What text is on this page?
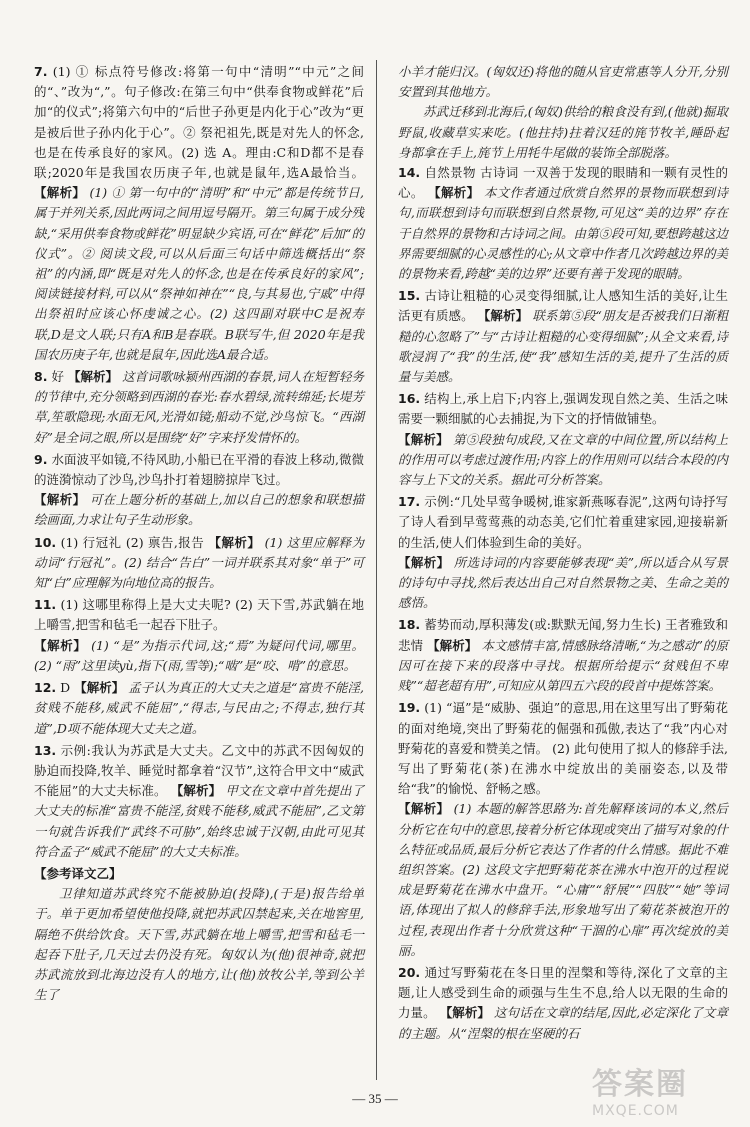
7. (1) ① 标点符号修改:将第一句中“清明”“中元”之间的“、”改为“,”。句子修改:在第三句中“供奉食物或鲜花”后加“的仪式”;将第六句中的“后世子孙更是内化于心”改为“更是被后世子孙内化于心”。② 祭祀祖先,既是对先人的怀念,也是在传承良好的家风。(2) 选 A。理由:C和D都不是春联;2020年是我国农历庚子年,也就是鼠年,选A最恰当。 【解析】 (1) ① 第一句中的“清明”和“中元”都是传统节日,属于并列关系,因此两词之间用逗号隔开。第三句属于成分残缺,“采用供奉食物或鲜花”明显缺少宾语,可在“鲜花”后加“的仪式”。② 阅读文段,可以从后面三句话中筛选概括出“祭祖”的内涵,即“既是对先人的怀念,也是在传承良好的家风”;阅读链接材料,可以从“祭神如神在”“良,与其易也,宁戚”中得出祭祖时应该心怀虔诚之心。(2) 这四副对联中C是祝寿联,D是文人联;只有A和B是春联。B联写牛,但 2020年是我国农历庚子年,也就是鼠年,因此选A最合适。
8. 好 【解析】 这首词歌咏颍州西湖的春景,词人在短暂轻务的节律中,充分领略到西湖的春光:春水碧绿,流转绵延;长堤芳草,笙歌隐现;水面无风,光滑如镜;船动不觉,沙鸟惊飞。“西湖好”是全词之眼,所以是围绕“好”字来抒发情怀的。
9. 水面波平如镜,不待风助,小船已在平滑的春波上移动,微微的涟漪惊动了沙鸟,沙鸟扑打着翅膀掠岸飞过。
【解析】 可在上题分析的基础上,加以自己的想象和联想描绘画面,力求让句子生动形象。
10. (1) 行冠礼 (2) 禀告,报告 【解析】 (1) 这里应解释为动词“行冠礼”。(2) 结合“告白”一词并联系其对象“单于”可知“白”应理解为向地位高的报告。
11. (1) 这哪里称得上是大丈夫呢? (2) 天下雪,苏武躺在地上嚼雪,把雪和毡毛一起吞下肚子。
【解析】 (1) “是”为指示代词,这;“焉”为疑问代词,哪里。(2) “雨”这里读yù,指下(雨,雪等);“啮”是“咬、啃”的意思。
12. D 【解析】 孟子认为真正的大丈夫之道是“富贵不能淫,贫贱不能移,威武不能屈”,“得志,与民由之;不得志,独行其道”,D项不能体现大丈夫之道。
13. 示例:我认为苏武是大丈夫。乙文中的苏武不因匈奴的胁迫而投降,牧羊、睡觉时都拿着“汉节”,这符合甲文中“威武不能屈”的大丈夫标准。 【解析】 甲文在文章中首先提出了大丈夫的标准“富贵不能淫,贫贱不能移,威武不能屈”,乙文第一句就告诉我们“武终不可胁”,始终忠诚于汉朝,由此可见其符合孟子“威武不能屈”的大丈夫标准。
【参考译文乙】
卫律知道苏武终究不能被胁迫(投降),(于是)报告给单于。单于更加希望使他投降,就把苏武囚禁起来,关在地窖里,隔绝不供给饮食。天下雪,苏武躺在地上嚼雪,把雪和毡毛一起吞下肚子,几天过去仍没有死。匈奴认为(他)很神奇,就把苏武流放到北海边没有人的地方,让(他)放牧公羊,等到公羊生了
小羊才能归汉。(匈奴还)将他的随从官吏常惠等人分开,分别安置到其他地方。
苏武迁移到北海后,(匈奴)供给的粮食没有到,(他就)掘取野鼠,收藏草实来吃。(他拄持)拄着汉廷的旄节牧羊,睡卧起身都拿在手上,旄节上用牦牛尾做的装饰全部脱落。
14. 自然景物 古诗词 一双善于发现的眼睛和一颗有灵性的心。 【解析】 本文作者通过欣赏自然界的景物而联想到诗句,而联想到诗句而联想到自然景物,可见这“美的边界”存在于自然界的景物和古诗词之间。由第⑤段可知,要想跨越这边界需要细腻的心灵感性的心;从文章中作者几次跨越边界的美的景物来看,跨越“美的边界”还要有善于发现的眼睛。
15. 古诗让粗糙的心灵变得细腻,让人感知生活的美好,让生活更有质感。 【解析】 联系第⑤段“朋友是否被我们日渐粗糙的心忽略了”与“古诗让粗糙的心变得细腻”;从全文来看,诗歌浸润了“我”的生活,使“我”感知生活的美,提升了生活的质量与美感。
16. 结构上,承上启下;内容上,强调发现自然之美、生活之味需要一颗细腻的心去捕捉,为下文的抒情做铺垫。
【解析】 第⑤段独句成段,又在文章的中间位置,所以结构上的作用可以考虑过渡作用;内容上的作用则可以结合本段的内容与上下文的关系。据此可分析答案。
17. 示例:“几处早莺争暖树,谁家新燕啄春泥”,这两句诗抒写了诗人看到早莺莺燕的动态美,它们忙着重建家园,迎接崭新的生活,使人们体验到生命的美好。
【解析】 所选诗词的内容要能够表现“美”,所以适合从写景的诗句中寻找,然后表达出自己对自然景物之美、生命之美的感悟。
18. 蓄势而动,厚积薄发(或:默默无闻,努力生长) 王者雅致和悲情 【解析】 本文感情丰富,情感脉络清晰,“为之感动”的原因可在接下来的段落中寻找。根据所给提示“贫贱但不卑贱”“超老超有用”,可知应从第四五六段的段首中提炼答案。
19. (1) “逼”是“威胁、强迫”的意思,用在这里写出了野菊花的面对绝境,突出了野菊花的倔强和孤傲,表达了“我”内心对野菊花的喜爱和赞美之情。 (2) 此句使用了拟人的修辞手法,写出了野菊花(茶)在沸水中绽放出的美丽姿态,以及带给“我”的愉悦、舒畅之感。
【解析】 (1) 本题的解答思路为:首先解释该词的本义,然后分析它在句中的意思,接着分析它体现或突出了描写对象的什么特征或品质,最后分析它表达了作者的什么情感。据此不难组织答案。(2) 这段文字把野菊花茶在沸水中泡开的过程说成是野菊花在沸水中盘开。“心庸”“舒展”“四肢”“她”等词语,体现出了拟人的修辞手法,形象地写出了菊花茶被泡开的过程,表现出作者十分欣赏这种“干涸的心扉”再次绽放的美丽。
20. 通过写野菊花在冬日里的涅槃和等待,深化了文章的主题,让人感受到生命的顽强与生生不息,给人以无限的生命的力量。 【解析】 这句话在文章的结尾,因此,必定深化了文章的主题。从“涅槃的根在坚硬的石
— 35 —	答案圈
MXQE.COM
